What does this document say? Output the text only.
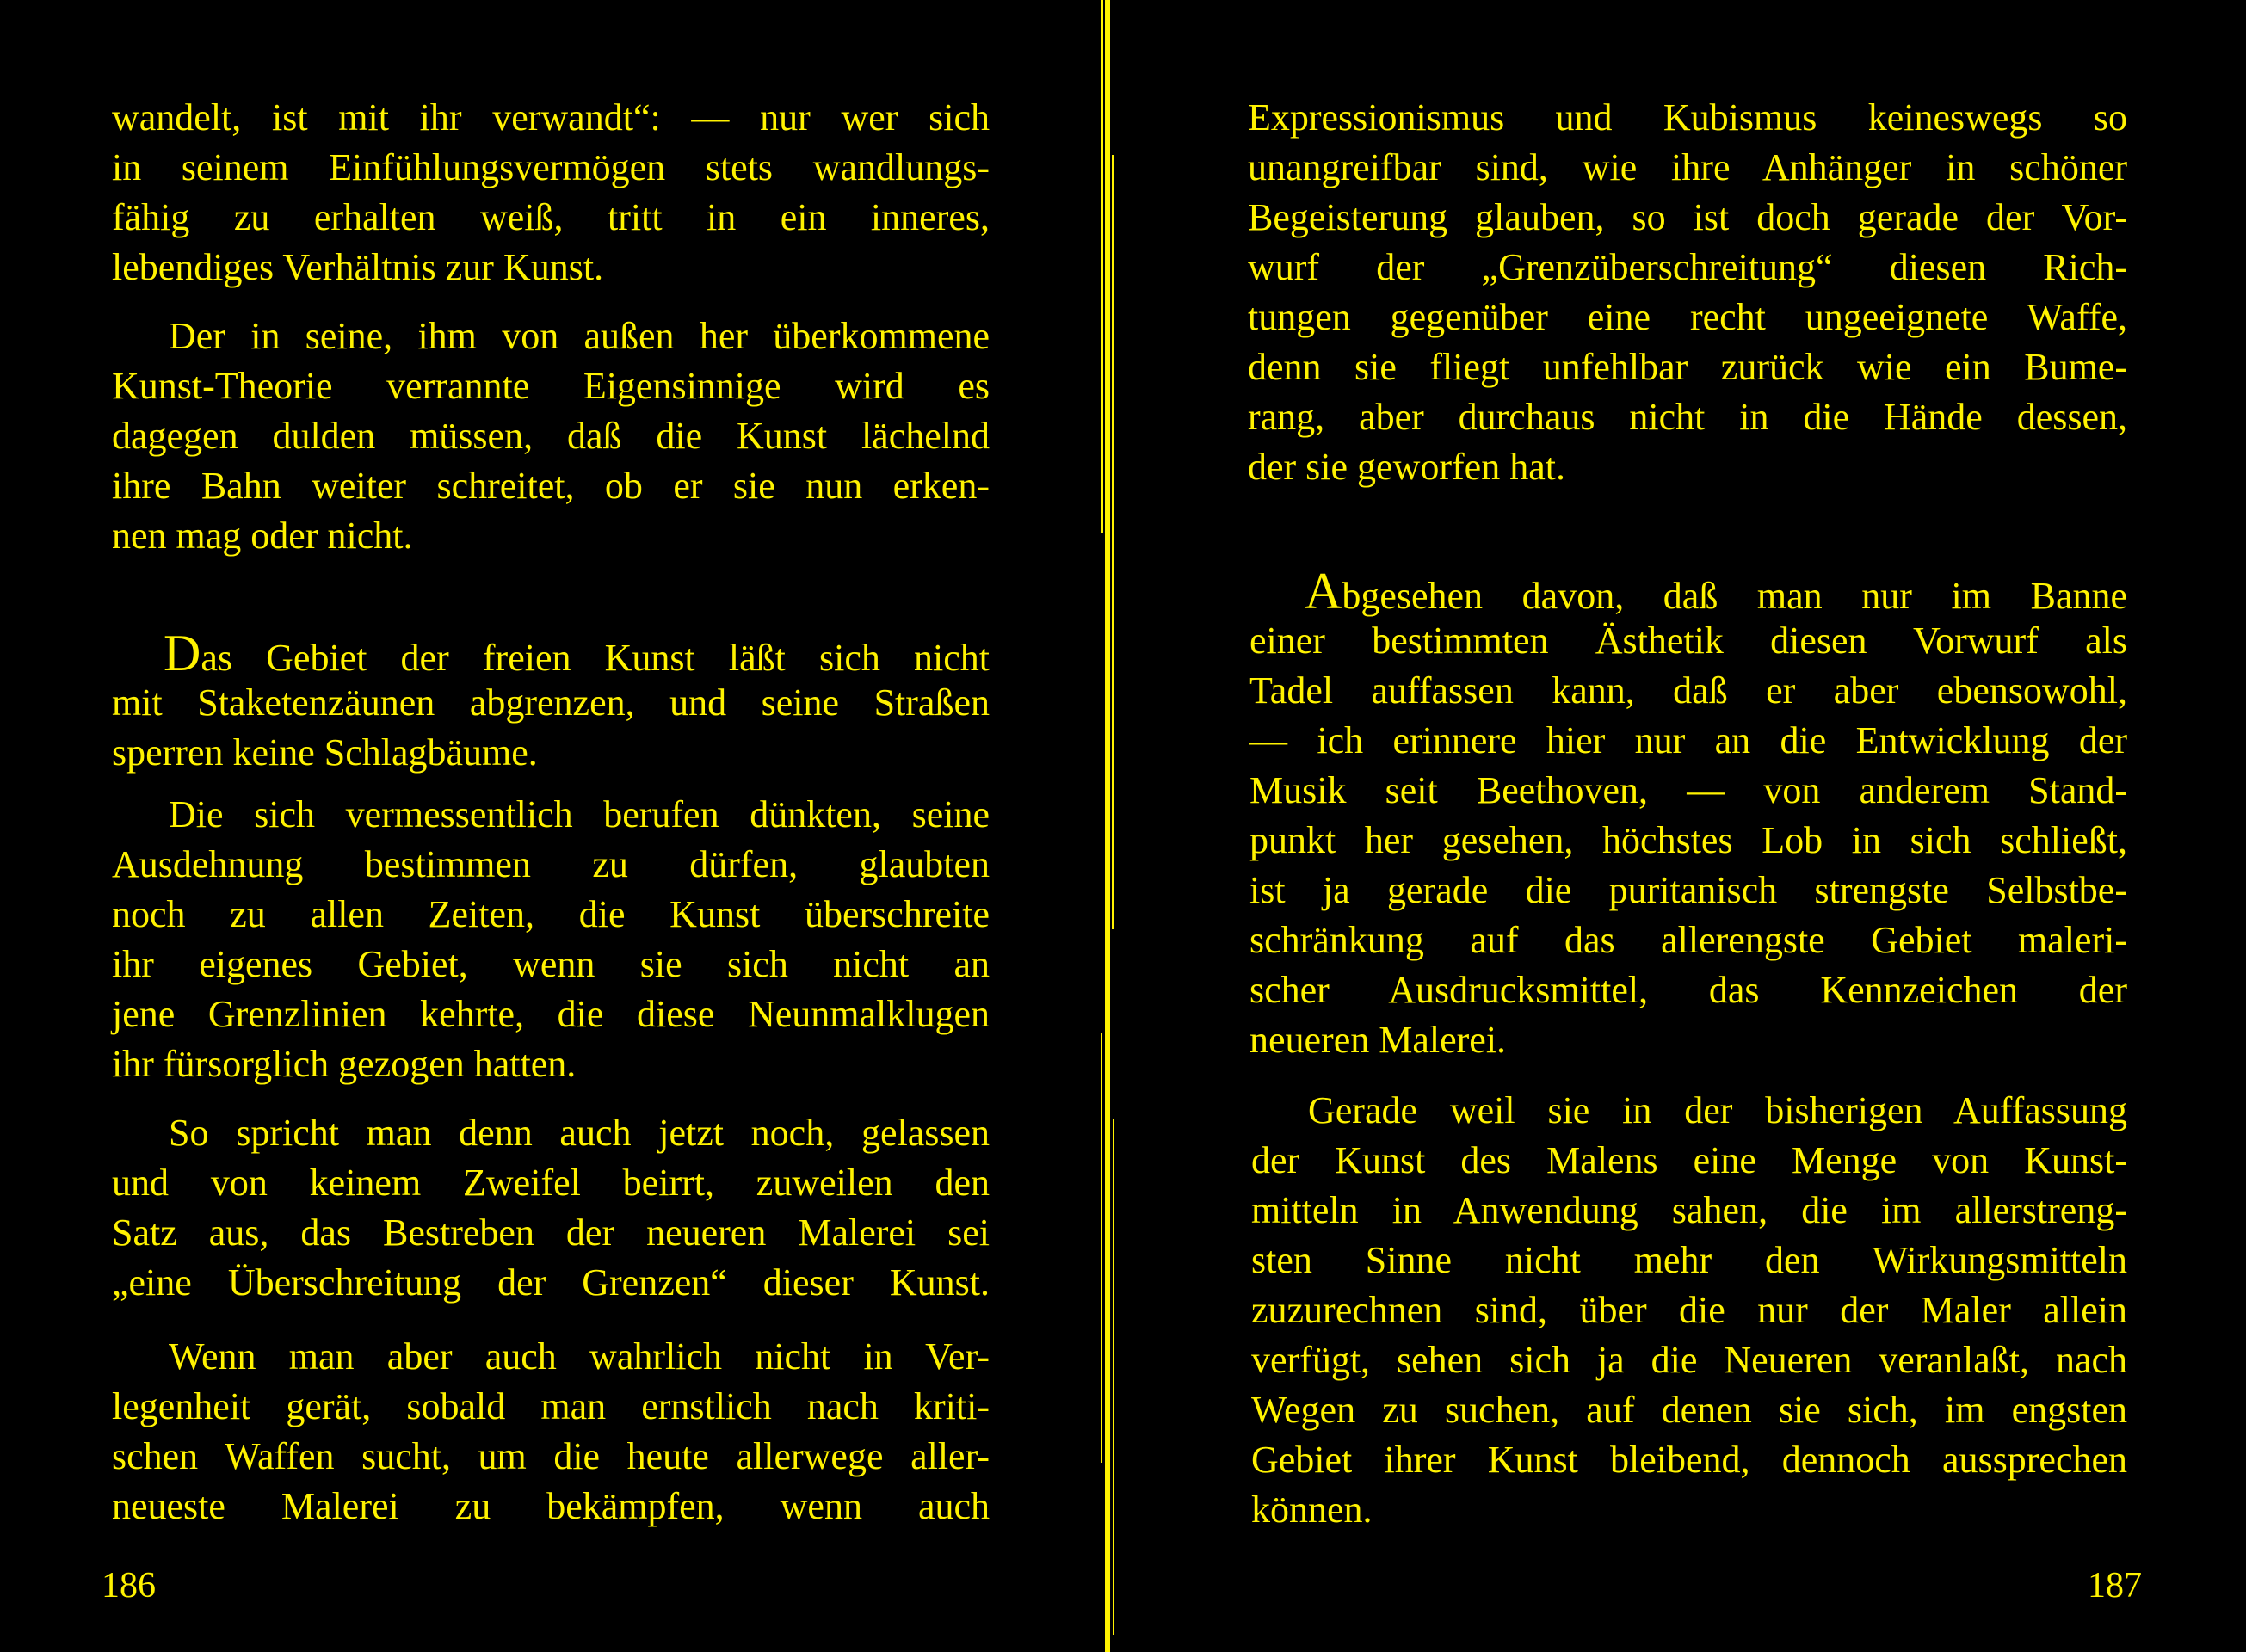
wandelt, ist mit ihr verwandt“: — nur wer sich
in seinem Einfühlungsvermögen stets wandlungs-
fähig zu erhalten weiß, tritt in ein inneres,
lebendiges Verhältnis zur Kunst.
Der in seine, ihm von außen her überkommene
Kunst-Theorie verrannte Eigensinnige wird es
dagegen dulden müssen, daß die Kunst lächelnd
ihre Bahn weiter schreitet, ob er sie nun erken-
nen mag oder nicht.
Das Gebiet der freien Kunst läßt sich nicht
mit Staketenzäunen abgrenzen, und seine Straßen
sperren keine Schlagbäume.
Die sich vermessentlich berufen dünkten, seine
Ausdehnung bestimmen zu dürfen, glaubten
noch zu allen Zeiten, die Kunst überschreite
ihr eigenes Gebiet, wenn sie sich nicht an
jene Grenzlinien kehrte, die diese Neunmalklugen
ihr fürsorglich gezogen hatten.
So spricht man denn auch jetzt noch, gelassen
und von keinem Zweifel beirrt, zuweilen den
Satz aus, das Bestreben der neueren Malerei sei
„eine Überschreitung der Grenzen“ dieser Kunst.
Wenn man aber auch wahrlich nicht in Ver-
legenheit gerät, sobald man ernstlich nach kriti-
schen Waffen sucht, um die heute allerwege aller-
neueste Malerei zu bekämpfen, wenn auch
186
Expressionismus und Kubismus keineswegs so
unangreifbar sind, wie ihre Anhänger in schöner
Begeisterung glauben, so ist doch gerade der Vor-
wurf der „Grenzüberschreitung“ diesen Rich-
tungen gegenüber eine recht ungeeignete Waffe,
denn sie fliegt unfehlbar zurück wie ein Bume-
rang, aber durchaus nicht in die Hände dessen,
der sie geworfen hat.
Abgesehen davon, daß man nur im Banne
einer bestimmten Ästhetik diesen Vorwurf als
Tadel auffassen kann, daß er aber ebensowohl,
— ich erinnere hier nur an die Entwicklung der
Musik seit Beethoven, — von anderem Stand-
punkt her gesehen, höchstes Lob in sich schließt,
ist ja gerade die puritanisch strengste Selbstbe-
schränkung auf das allerengste Gebiet maleri-
scher Ausdrucksmittel, das Kennzeichen der
neueren Malerei.
Gerade weil sie in der bisherigen Auffassung
der Kunst des Malens eine Menge von Kunst-
mitteln in Anwendung sahen, die im allerstreng-
sten Sinne nicht mehr den Wirkungsmitteln
zuzurechnen sind, über die nur der Maler allein
verfügt, sehen sich ja die Neueren veranlaßt, nach
Wegen zu suchen, auf denen sie sich, im engsten
Gebiet ihrer Kunst bleibend, dennoch aussprechen
können.
187
